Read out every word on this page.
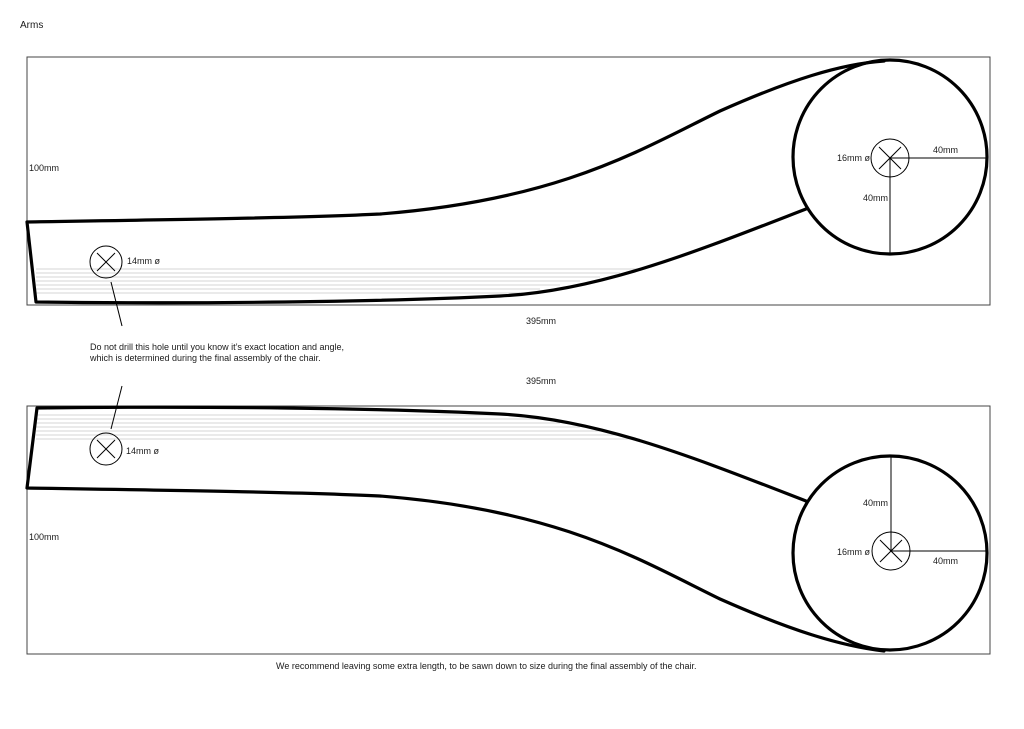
Arms
100mm
14mm ø
16mm ø
40mm
40mm
395mm
Do not drill this hole until you know it’s exact location and angle,
which is determined during the final assembly of the chair.
395mm
14mm ø
100mm
40mm
16mm ø
40mm
We recommend leaving some extra length, to be sawn down to size during the final assembly of the chair.
